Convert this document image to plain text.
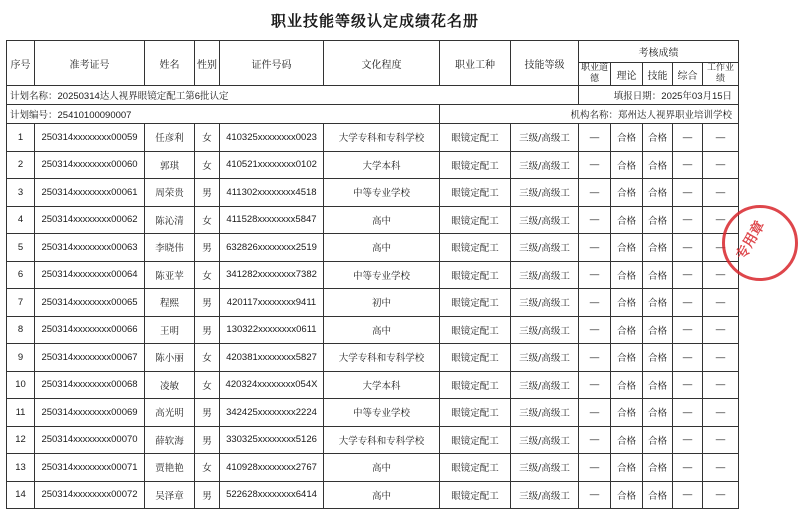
职业技能等级认定成绩花名册
计划名称：20250314达人视界眼镜定配工第6批认定								填报日期：2025年03月15日				
计划编号：25410100090007						机构名称：郑州达人视界职业培训学校						
序号	准考证号	姓名	性别	证件号码	文化程度	职业工种	技能等级	考核成绩				
								职业道德	理论	技能	综合	工作业绩
1	250314xxxxxxxx00059	任彦利	女	410325xxxxxxxx0023	大学专科和专科学校	眼镜定配工	三级/高级工	—	合格	合格	—	—
2	250314xxxxxxxx00060	郭琪	女	410521xxxxxxxx0102	大学本科	眼镜定配工	三级/高级工	—	合格	合格	—	—
3	250314xxxxxxxx00061	周荣贵	男	411302xxxxxxxx4518	中等专业学校	眼镜定配工	三级/高级工	—	合格	合格	—	—
4	250314xxxxxxxx00062	陈沁清	女	411528xxxxxxxx5847	高中	眼镜定配工	三级/高级工	—	合格	合格	—	—
5	250314xxxxxxxx00063	李晓伟	男	632826xxxxxxxx2519	高中	眼镜定配工	三级/高级工	—	合格	合格	—	—
6	250314xxxxxxxx00064	陈亚苹	女	341282xxxxxxxx7382	中等专业学校	眼镜定配工	三级/高级工	—	合格	合格	—	—
7	250314xxxxxxxx00065	程熙	男	420117xxxxxxxx9411	初中	眼镜定配工	三级/高级工	—	合格	合格	—	—
8	250314xxxxxxxx00066	王明	男	130322xxxxxxxx0611	高中	眼镜定配工	三级/高级工	—	合格	合格	—	—
9	250314xxxxxxxx00067	陈小丽	女	420381xxxxxxxx5827	大学专科和专科学校	眼镜定配工	三级/高级工	—	合格	合格	—	—
10	250314xxxxxxxx00068	凌敏	女	420324xxxxxxxx054X	大学本科	眼镜定配工	三级/高级工	—	合格	合格	—	—
11	250314xxxxxxxx00069	高光明	男	342425xxxxxxxx2224	中等专业学校	眼镜定配工	三级/高级工	—	合格	合格	—	—
12	250314xxxxxxxx00070	薛软海	男	330325xxxxxxxx5126	大学专科和专科学校	眼镜定配工	三级/高级工	—	合格	合格	—	—
13	250314xxxxxxxx00071	贾艳艳	女	410928xxxxxxxx2767	高中	眼镜定配工	三级/高级工	—	合格	合格	—	—
14	250314xxxxxxxx00072	吴泽章	男	522628xxxxxxxx6414	高中	眼镜定配工	三级/高级工	—	合格	合格	—	—
专用章
